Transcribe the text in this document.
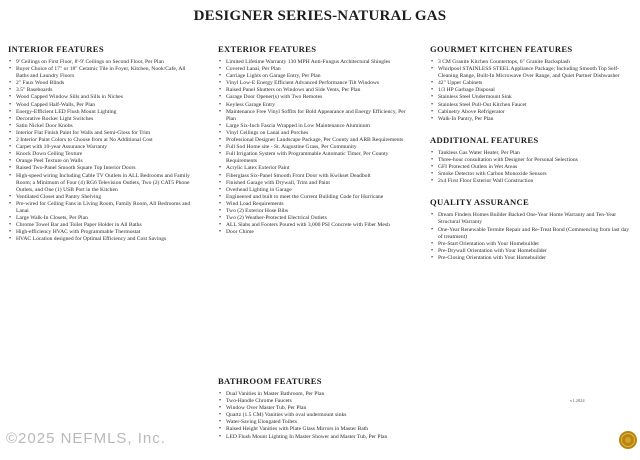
DESIGNER SERIES-NATURAL GAS
INTERIOR FEATURES
• 9' Ceilings on First Floor, 8'-9' Ceilings on Second Floor, Per Plan
• Buyer Choice of 17" or 18" Ceramic Tile in Foyer, Kitchen, Nook/Cafe, All Baths and Laundry Floors
• 2" Faux Wood Blinds
• 3.5" Baseboards
• Wood Capped Window Sills and Sills in Niches
• Wood Capped Half-Walls, Per Plan
• Energy-Efficient LED Flush Mount Lighting
• Decorative Rocker Light Switches
• Satin Nickel Door Knobs
• Interior Flat Finish Paint for Walls and Semi-Gloss for Trim
• 2 Interior Paint Colors to Choose from at No Additional Cost
• Carpet with 10-year Assurance Warranty
• Knock Down Ceiling Texture
• Orange Peel Texture on Walls
• Raised Two-Panel Smooth Square Top Interior Doors
• High-speed wiring Including Cable TV Outlets in ALL Bedrooms and Family Room; a Minimum of Four (4) RG6 Television Outlets, Two (2) CAT5 Phone Outlets, and One (1) USB Port in the Kitchen
• Ventilated Closet and Pantry Shelving
• Pre-wired for Ceiling Fans in Living Room, Family Room, All Bedrooms and Lanai
• Large Walk-In Closets, Per Plan
• Chrome Towel Bar and Toilet Paper Holder in All Baths
• High-efficiency HVAC with Programmable Thermostat
• HVAC Location designed for Optimal Efficiency and Cost Savings
EXTERIOR FEATURES
• Limited Lifetime Warranty 130 MPH Anti-Fungus Architectural Shingles
• Covered Lanai, Per Plan
• Carriage Lights on Garage Entry, Per Plan
• Vinyl Low-E Energy Efficient Advanced Performance Tilt Windows
• Raised Panel Shutters on Windows and Side Vents, Per Plan
• Garage Door Opener(s) with Two Remotes
• Keyless Garage Entry
• Maintenance Free Vinyl Soffits for Bold Appearance and Energy Efficiency, Per Plan
• Large Six-Inch Fascia Wrapped in Low Maintenance Aluminum
• Vinyl Ceilings on Lanai and Porches
• Professional Designer Landscape Package, Per County and ARB Requirements
• Full Sod Home site - St. Augustine Grass, Per Community
• Full Irrigation System with Programmable Automatic Timer, Per County Requirements
• Acrylic Latex Exterior Paint
• Fiberglass Six-Panel Smooth Front Door with Kwikset Deadbolt
• Finished Garage with Drywall, Trim and Paint
• Overhead Lighting in Garage
• Engineered and built to meet the Current Building Code for Hurricane
• Wind Load Requirements
• Two (2) Exterior Hose Bibs
• Two (2) Weather-Protected Electrical Outlets
• ALL Slabs and Footers Poured with 3,000 PSI Concrete with Fiber Mesh
• Door Chime
BATHROOM FEATURES
• Dual Vanities in Master Bathroom, Per Plan
• Two-Handle Chrome Faucets
• Window Over Master Tub, Per Plan
• Quartz (1.5 CM) Vanities with oval undermount sinks
• Water-Saving Elongated Toilets
• Raised Height Vanities with Plate Glass Mirrors in Master Bath
• LED Flush Mount Lighting In Master Shower and Master Tub, Per Plan
GOURMET KITCHEN FEATURES
• 3 CM Granite Kitchen Countertops, 6" Granite Backsplash
• Whirlpool STAINLESS STEEL Appliance Package; Including Smooth Top Self-Cleaning Range, Built-In Microwave Over Range, and Quiet Partner Dishwasher
• 42" Upper Cabinets
• 1/3 HP Garbage Disposal
• Stainless Steel Undermount Sink
• Stainless Steel Pull-Out Kitchen Faucet
• Cabinetry Above Refrigerator
• Walk-In Pantry, Per Plan
ADDITIONAL FEATURES
• Tankless Gas Water Heater, Per Plan
• Three-hour consultation with Designer for Personal Selections
• GFI Protected Outlets in Wet Areas
• Smoke Detector with Carbon Monoxide Sensors
• 2x4 First Floor Exterior Wall Construction
QUALITY ASSURANCE
• Dream Finders Homes Builder Backed One-Year Home Warranty and Ten-Year Structural Warranty
• One-Year Renewable Termite Repair and Re-Treat Bond (Commencing from last day of treatment)
• Pre-Start Orientation with Your Homebuilder
• Pre-Drywall Orientation with Your Homebuilder
• Pre-Closing Orientation with Your Homebuilder
v1.2024
©2025 NEFMLS, Inc.
